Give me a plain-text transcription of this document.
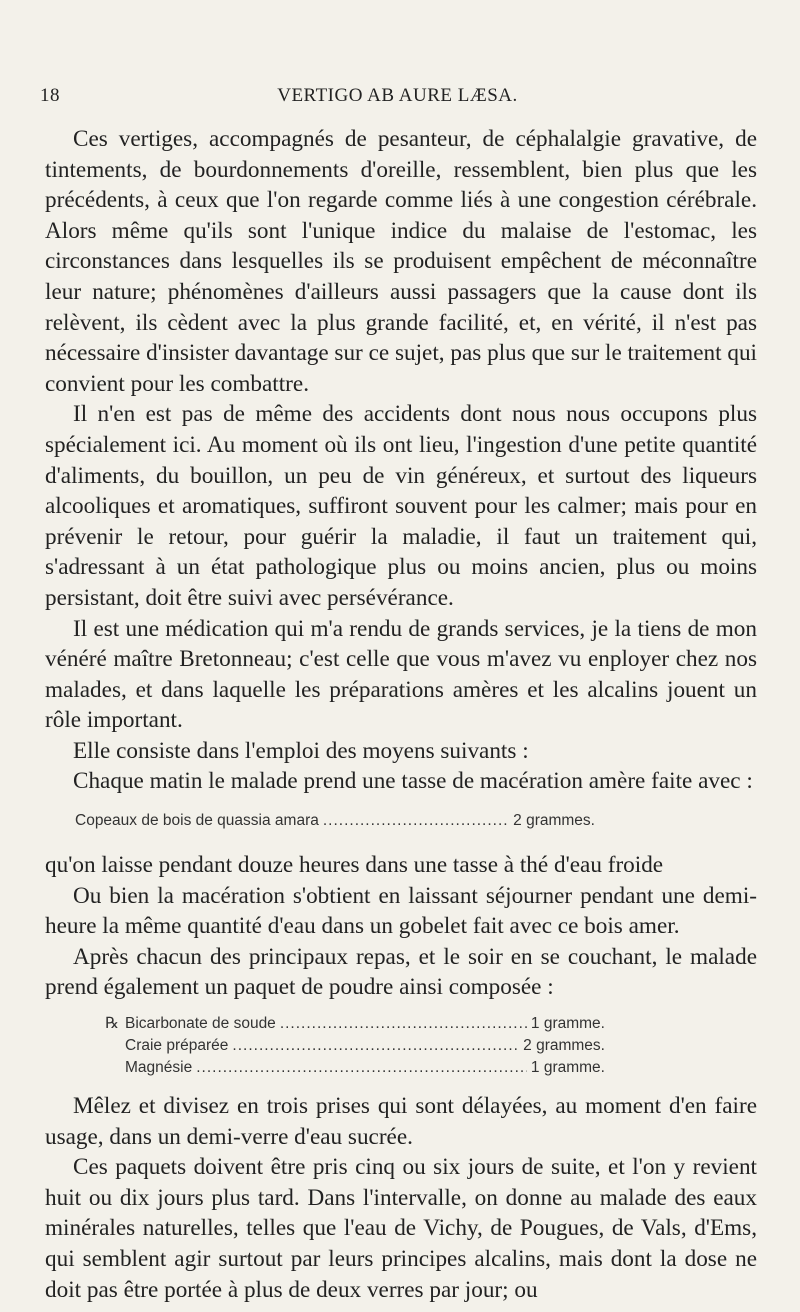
18	VERTIGO AB AURE LÆSA.

Ces vertiges, accompagnés de pesanteur, de céphalalgie gravative, de tintements, de bourdonnements d'oreille, ressemblent, bien plus que les précédents, à ceux que l'on regarde comme liés à une congestion cérébrale. Alors même qu'ils sont l'unique indice du malaise de l'estomac, les circonstances dans lesquelles ils se produisent empêchent de méconnaître leur nature; phénomènes d'ailleurs aussi passagers que la cause dont ils relèvent, ils cèdent avec la plus grande facilité, et, en vérité, il n'est pas nécessaire d'insister davantage sur ce sujet, pas plus que sur le traitement qui convient pour les combattre.

Il n'en est pas de même des accidents dont nous nous occupons plus spécialement ici. Au moment où ils ont lieu, l'ingestion d'une petite quantité d'aliments, du bouillon, un peu de vin généreux, et surtout des liqueurs alcooliques et aromatiques, suffiront souvent pour les calmer; mais pour en prévenir le retour, pour guérir la maladie, il faut un traitement qui, s'adressant à un état pathologique plus ou moins ancien, plus ou moins persistant, doit être suivi avec persévérance.

Il est une médication qui m'a rendu de grands services, je la tiens de mon vénéré maître Bretonneau; c'est celle que vous m'avez vu enployer chez nos malades, et dans laquelle les préparations amères et les alcalins jouent un rôle important.

Elle consiste dans l'emploi des moyens suivants :

Chaque matin le malade prend une tasse de macération amère faite avec :

Copeaux de bois de quassia amara .....	2 grammes.

qu'on laisse pendant douze heures dans une tasse à thé d'eau froide

Ou bien la macération s'obtient en laissant séjourner pendant une demi-heure la même quantité d'eau dans un gobelet fait avec ce bois amer.

Après chacun des principaux repas, et le soir en se couchant, le malade prend également un paquet de poudre ainsi composée :

℞ Bicarbonate de soude .....	1 gramme.
Craie préparée .....	2 grammes.
Magnésie .....	1 gramme.

Mêlez et divisez en trois prises qui sont délayées, au moment d'en faire usage, dans un demi-verre d'eau sucrée.

Ces paquets doivent être pris cinq ou six jours de suite, et l'on y revient huit ou dix jours plus tard. Dans l'intervalle, on donne au malade des eaux minérales naturelles, telles que l'eau de Vichy, de Pougues, de Vals, d'Ems, qui semblent agir surtout par leurs principes alcalins, mais dont la dose ne doit pas être portée à plus de deux verres par jour; ou
